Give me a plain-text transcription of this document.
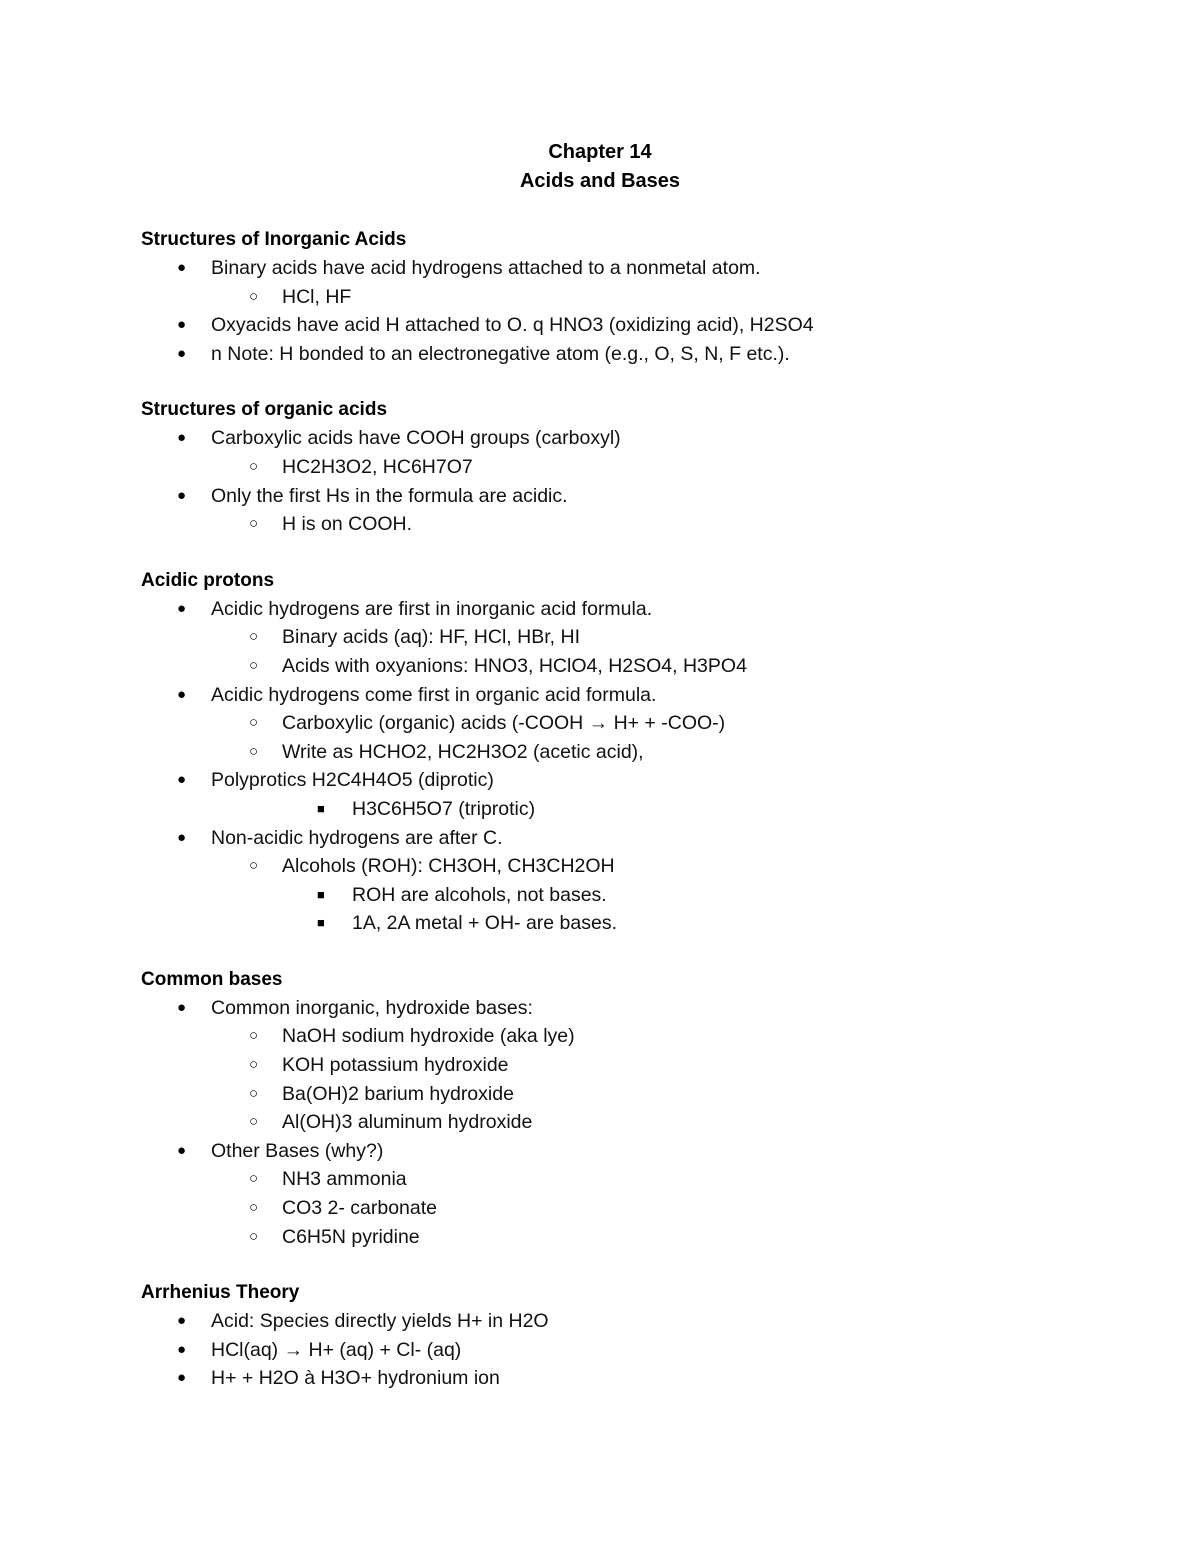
Chapter 14
Acids and Bases
Structures of Inorganic Acids
● Binary acids have acid hydrogens attached to a nonmetal atom.
○ HCl, HF
● Oxyacids have acid H attached to O. q HNO3 (oxidizing acid), H2SO4
● n Note: H bonded to an electronegative atom (e.g., O, S, N, F etc.).
Structures of organic acids
● Carboxylic acids have COOH groups (carboxyl)
○ HC2H3O2, HC6H7O7
● Only the first Hs in the formula are acidic.
○ H is on COOH.
Acidic protons
● Acidic hydrogens are first in inorganic acid formula.
○ Binary acids (aq): HF, HCl, HBr, HI
○ Acids with oxyanions: HNO3, HClO4, H2SO4, H3PO4
● Acidic hydrogens come first in organic acid formula.
○ Carboxylic (organic) acids (-COOH → H+ + -COO-)
○ Write as HCHO2, HC2H3O2 (acetic acid),
● Polyprotics H2C4H4O5 (diprotic)
■ H3C6H5O7 (triprotic)
● Non-acidic hydrogens are after C.
○ Alcohols (ROH): CH3OH, CH3CH2OH
■ ROH are alcohols, not bases.
■ 1A, 2A metal + OH- are bases.
Common bases
● Common inorganic, hydroxide bases:
○ NaOH sodium hydroxide (aka lye)
○ KOH potassium hydroxide
○ Ba(OH)2 barium hydroxide
○ Al(OH)3 aluminum hydroxide
● Other Bases (why?)
○ NH3 ammonia
○ CO3 2- carbonate
○ C6H5N pyridine
Arrhenius Theory
● Acid: Species directly yields H+ in H2O
● HCl(aq) → H+ (aq) + Cl- (aq)
● H+ + H2O à H3O+ hydronium ion
